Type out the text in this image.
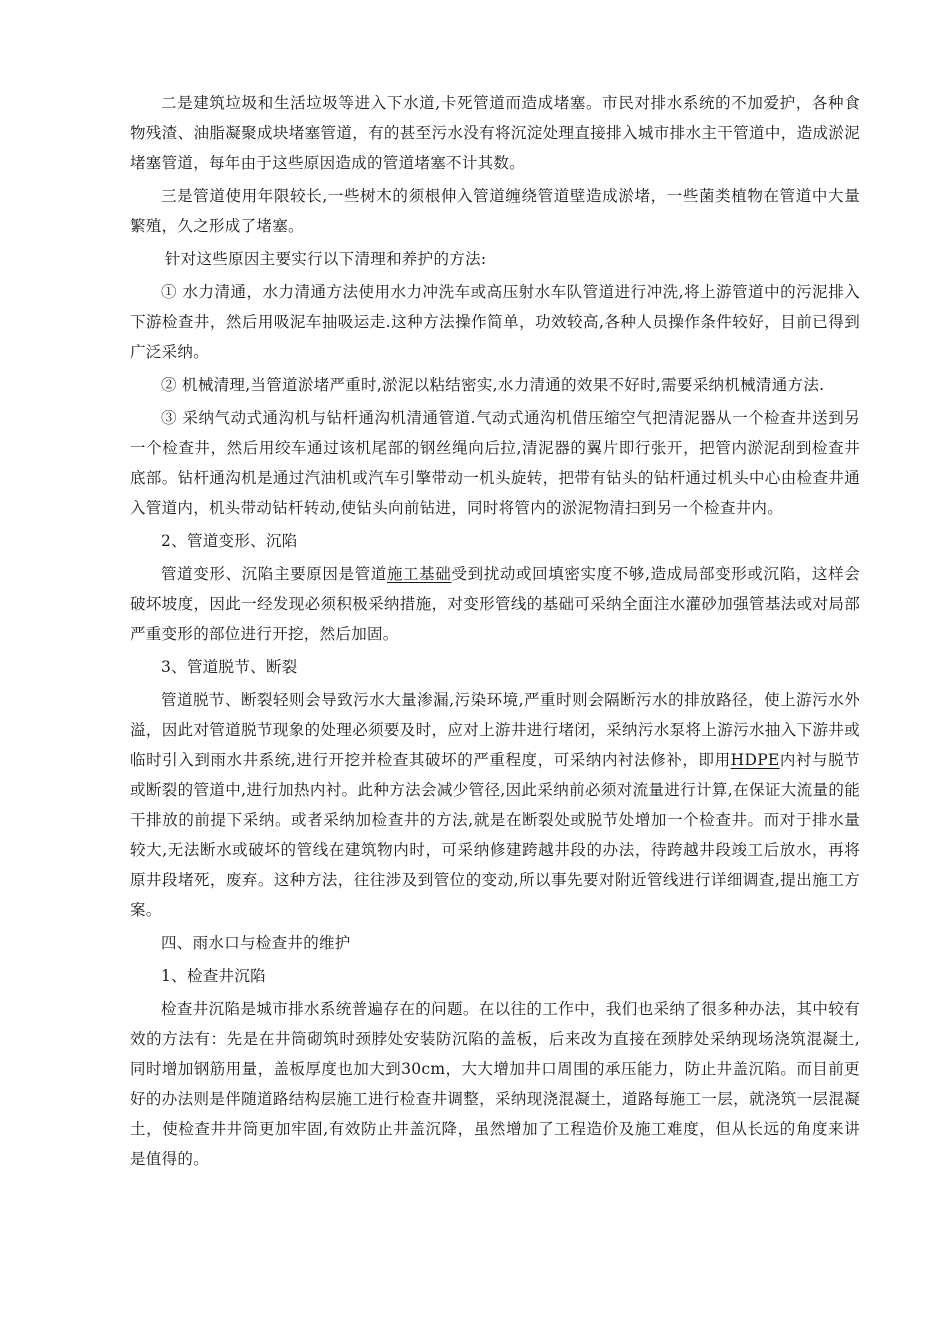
二是建筑垃圾和生活垃圾等进入下水道,卡死管道而造成堵塞。市民对排水系统的不加爱护，各种食物残渣、油脂凝聚成块堵塞管道，有的甚至污水没有将沉淀处理直接排入城市排水主干管道中，造成淤泥堵塞管道，每年由于这些原因造成的管道堵塞不计其数。

三是管道使用年限较长,一些树木的须根伸入管道缠绕管道壁造成淤堵，一些菌类植物在管道中大量繁殖，久之形成了堵塞。

针对这些原因主要实行以下清理和养护的方法:

① 水力清通，水力清通方法使用水力冲洗车或高压射水车队管道进行冲洗,将上游管道中的污泥排入下游检查井，然后用吸泥车抽吸运走.这种方法操作简单，功效较高,各种人员操作条件较好，目前已得到广泛采纳。

② 机械清理,当管道淤堵严重时,淤泥以粘结密实,水力清通的效果不好时,需要采纳机械清通方法.

③ 采纳气动式通沟机与钻杆通沟机清通管道.气动式通沟机借压缩空气把清泥器从一个检查井送到另一个检查井，然后用绞车通过该机尾部的钢丝绳向后拉,清泥器的翼片即行张开，把管内淤泥刮到检查井底部。钻杆通沟机是通过汽油机或汽车引擎带动一机头旋转，把带有钻头的钻杆通过机头中心由检查井通入管道内，机头带动钻杆转动,使钻头向前钻进，同时将管内的淤泥物清扫到另一个检查井内。

2、管道变形、沉陷

管道变形、沉陷主要原因是管道施工基础受到扰动或回填密实度不够,造成局部变形或沉陷，这样会破坏坡度，因此一经发现必须积极采纳措施，对变形管线的基础可采纳全面注水灌砂加强管基法或对局部严重变形的部位进行开挖，然后加固。

3、管道脱节、断裂

管道脱节、断裂轻则会导致污水大量渗漏,污染环境,严重时则会隔断污水的排放路径，使上游污水外溢，因此对管道脱节现象的处理必须要及时，应对上游井进行堵闭，采纳污水泵将上游污水抽入下游井或临时引入到雨水井系统,进行开挖并检查其破坏的严重程度，可采纳内衬法修补，即用HDPE内衬与脱节或断裂的管道中,进行加热内衬。此种方法会减少管径,因此采纳前必须对流量进行计算,在保证大流量的能干排放的前提下采纳。或者采纳加检查井的方法,就是在断裂处或脱节处增加一个检查井。而对于排水量较大,无法断水或破坏的管线在建筑物内时，可采纳修建跨越井段的办法，待跨越井段竣工后放水，再将原井段堵死，废弃。这种方法，往往涉及到管位的变动,所以事先要对附近管线进行详细调查,提出施工方案。

四、雨水口与检查井的维护

1、检查井沉陷

检查井沉陷是城市排水系统普遍存在的问题。在以往的工作中，我们也采纳了很多种办法，其中较有效的方法有：先是在井筒砌筑时颈脖处安装防沉陷的盖板，后来改为直接在颈脖处采纳现场浇筑混凝土,同时增加钢筋用量，盖板厚度也加大到30cm，大大增加井口周围的承压能力，防止井盖沉陷。而目前更好的办法则是伴随道路结构层施工进行检查井调整，采纳现浇混凝土，道路每施工一层，就浇筑一层混凝土，使检查井井筒更加牢固,有效防止井盖沉降，虽然增加了工程造价及施工难度，但从长远的角度来讲是值得的。
